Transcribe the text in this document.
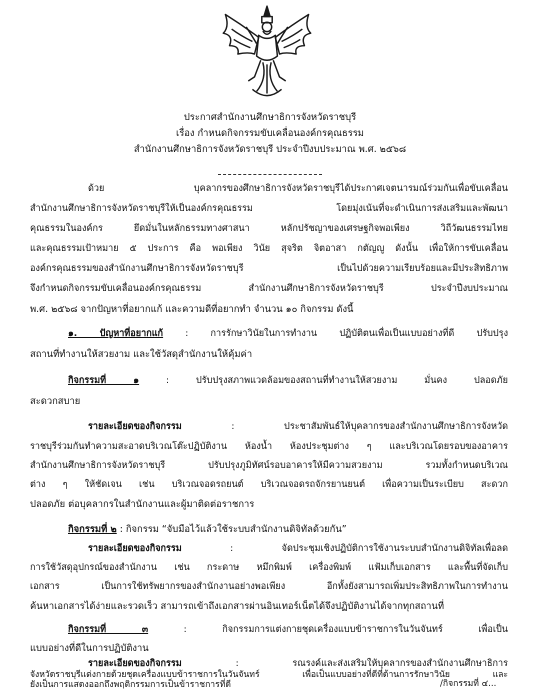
ประกาศสำนักงานศึกษาธิการจังหวัดราชบุรี
เรื่อง กำหนดกิจกรรมขับเคลื่อนองค์กรคุณธรรม
สำนักงานศึกษาธิการจังหวัดราชบุรี ประจำปีงบประมาณ พ.ศ. ๒๕๖๘
ด้วย บุคลากรของศึกษาธิการจังหวัดราชบุรีได้ประกาศเจตนารมณ์ร่วมกันเพื่อขับเคลื่อน
สำนักงานศึกษาธิการจังหวัดราชบุรีให้เป็นองค์กรคุณธรรม โดยมุ่งเน้นที่จะดำเนินการส่งเสริมและพัฒนา
คุณธรรมในองค์กร ยึดมั่นในหลักธรรมทางศาสนา หลักปรัชญาของเศรษฐกิจพอเพียง วิถีวัฒนธรรมไทย
และคุณธรรมเป้าหมาย ๕ ประการ คือ พอเพียง วินัย สุจริต จิตอาสา กตัญญู ดังนั้น เพื่อให้การขับเคลื่อน
องค์กรคุณธรรมของสำนักงานศึกษาธิการจังหวัดราชบุรี เป็นไปด้วยความเรียบร้อยและมีประสิทธิภาพ
จึงกำหนดกิจกรรมขับเคลื่อนองค์กรคุณธรรม สำนักงานศึกษาธิการจังหวัดราชบุรี ประจำปีงบประมาณ
พ.ศ. ๒๕๖๘ จากปัญหาที่อยากแก้ และความดีที่อยากทำ จำนวน ๑๐ กิจกรรม ดังนี้
๑. ปัญหาที่อยากแก้ : การรักษาวินัยในการทำงาน ปฏิบัติตนเพื่อเป็นแบบอย่างที่ดี ปรับปรุง
สถานที่ทำงานให้สวยงาม และใช้วัสดุสำนักงานให้คุ้มค่า
กิจกรรมที่ ๑ : ปรับปรุงสภาพแวดล้อมของสถานที่ทำงานให้สวยงาม มั่นคง ปลอดภัย
สะดวกสบาย
รายละเอียดของกิจกรรม : ประชาสัมพันธ์ให้บุคลากรของสำนักงานศึกษาธิการจังหวัด
ราชบุรีร่วมกันทำความสะอาดบริเวณโต๊ะปฏิบัติงาน ห้องน้ำ ห้องประชุมต่าง ๆ และบริเวณโดยรอบของอาคาร
สำนักงานศึกษาธิการจังหวัดราชบุรี ปรับปรุงภูมิทัศน์รอบอาคารให้มีความสวยงาม รวมทั้งกำหนดบริเวณ
ต่าง ๆ ให้ชัดเจน เช่น บริเวณจอดรถยนต์ บริเวณจอดรถจักรยานยนต์ เพื่อความเป็นระเบียบ สะดวก
ปลอดภัย ต่อบุคลากรในสำนักงานและผู้มาติดต่อราชการ
กิจกรรมที่ ๒ : กิจกรรม “จับมือไว้แล้วใช้ระบบสำนักงานดิจิทัลด้วยกัน”
รายละเอียดของกิจกรรม : จัดประชุมเชิงปฏิบัติการใช้งานระบบสำนักงานดิจิทัลเพื่อลด
การใช้วัสดุอุปกรณ์ของสำนักงาน เช่น กระดาษ หมึกพิมพ์ เครื่องพิมพ์ แฟ้มเก็บเอกสาร และพื้นที่จัดเก็บ
เอกสาร เป็นการใช้ทรัพยากรของสำนักงานอย่างพอเพียง อีกทั้งยังสามารถเพิ่มประสิทธิภาพในการทำงาน
ค้นหาเอกสารได้ง่ายและรวดเร็ว สามารถเข้าถึงเอกสารผ่านอินเทอร์เน็ตได้จึงปฏิบัติงานได้จากทุกสถานที่
กิจกรรมที่ ๓ : กิจกรรมการแต่งกายชุดเครื่องแบบข้าราชการในวันจันทร์ เพื่อเป็น
แบบอย่างที่ดีในการปฏิบัติงาน
รายละเอียดของกิจกรรม : รณรงค์และส่งเสริมให้บุคลากรของสำนักงานศึกษาธิการ
จังหวัดราชบุรีแต่งกายด้วยชุดเครื่องแบบข้าราชการในวันจันทร์ เพื่อเป็นแบบอย่างที่ดีที่ด้านการรักษาวินัย และ
ยังเป็นการแสดงออกถึงพฤติกรรมการเป็นข้าราชการที่ดี	/กิจกรรมที่ ๔...
